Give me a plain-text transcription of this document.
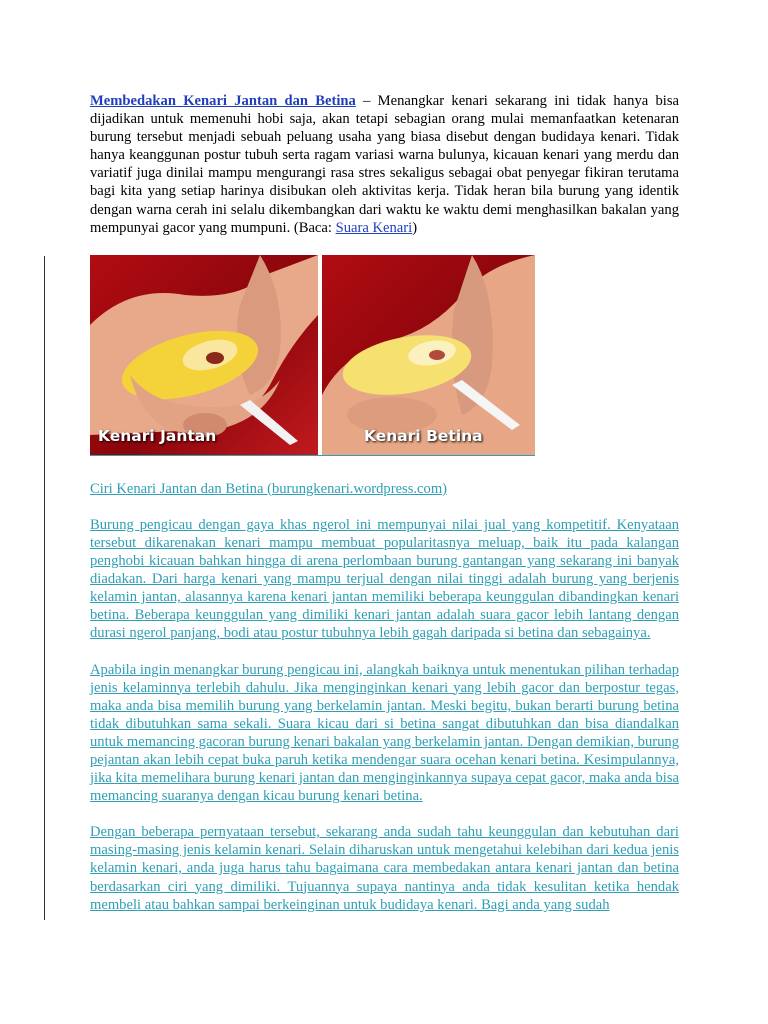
Membedakan Kenari Jantan dan Betina – Menangkar kenari sekarang ini tidak hanya bisa dijadikan untuk memenuhi hobi saja, akan tetapi sebagian orang mulai memanfaatkan ketenaran burung tersebut menjadi sebuah peluang usaha yang biasa disebut dengan budidaya kenari. Tidak hanya keanggunan postur tubuh serta ragam variasi warna bulunya, kicauan kenari yang merdu dan variatif juga dinilai mampu mengurangi rasa stres sekaligus sebagai obat penyegar fikiran terutama bagi kita yang setiap harinya disibukan oleh aktivitas kerja. Tidak heran bila burung yang identik dengan warna cerah ini selalu dikembangkan dari waktu ke waktu demi menghasilkan bakalan yang mempunyai gacor yang mumpuni. (Baca: Suara Kenari)
Kenari Jantan	Kenari Betina
Ciri Kenari Jantan dan Betina (burungkenari.wordpress.com)
Burung pengicau dengan gaya khas ngerol ini mempunyai nilai jual yang kompetitif. Kenyataan tersebut dikarenakan kenari mampu membuat popularitasnya meluap, baik itu pada kalangan penghobi kicauan bahkan hingga di arena perlombaan burung gantangan yang sekarang ini banyak diadakan. Dari harga kenari yang mampu terjual dengan nilai tinggi adalah burung yang berjenis kelamin jantan, alasannya karena kenari jantan memiliki beberapa keunggulan dibandingkan kenari betina. Beberapa keunggulan yang dimiliki kenari jantan adalah suara gacor lebih lantang dengan durasi ngerol panjang, bodi atau postur tubuhnya lebih gagah daripada si betina dan sebagainya.
Apabila ingin menangkar burung pengicau ini, alangkah baiknya untuk menentukan pilihan terhadap jenis kelaminnya terlebih dahulu. Jika menginginkan kenari yang lebih gacor dan berpostur tegas, maka anda bisa memilih burung yang berkelamin jantan. Meski begitu, bukan berarti burung betina tidak dibutuhkan sama sekali. Suara kicau dari si betina sangat dibutuhkan dan bisa diandalkan untuk memancing gacoran burung kenari bakalan yang berkelamin jantan. Dengan demikian, burung pejantan akan lebih cepat buka paruh ketika mendengar suara ocehan kenari betina. Kesimpulannya, jika kita memelihara burung kenari jantan dan menginginkannya supaya cepat gacor, maka anda bisa memancing suaranya dengan kicau burung kenari betina.
Dengan beberapa pernyataan tersebut, sekarang anda sudah tahu keunggulan dan kebutuhan dari masing-masing jenis kelamin kenari. Selain diharuskan untuk mengetahui kelebihan dari kedua jenis kelamin kenari, anda juga harus tahu bagaimana cara membedakan antara kenari jantan dan betina berdasarkan ciri yang dimiliki. Tujuannya supaya nantinya anda tidak kesulitan ketika hendak membeli atau bahkan sampai berkeinginan untuk budidaya kenari. Bagi anda yang sudah
